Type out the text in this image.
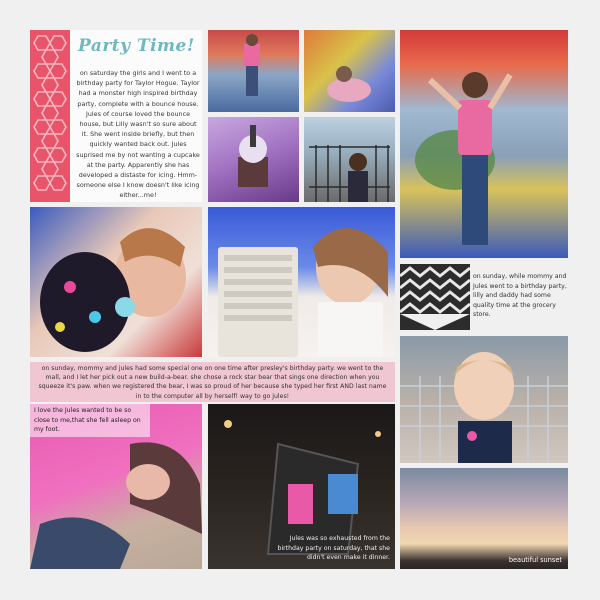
Party Time!
on saturday the girls and I went to a birthday party for Taylor Hogue. Taylor had a monster high inspired birthday party, complete with a bounce house. Jules of course loved the bounce house, but Lilly wasn't so sure about it. She went inside briefly, but then quickly wanted back out. Jules suprised me by not wanting a cupcake at the party. Apparently she has developed a distaste for icing. Hmm- someone else I know doesn't like icing either...me!
on sunday, while mommy and Jules went to a birthday party, lilly and daddy had some quality time at the grocery store.
on sunday, mommy and jules had some special one on one time after presley's birthday party. we went to the mall, and I let her pick out a new build-a-bear. she chose a rock star bear that sings one direction when you squeeze it's paw. when we registered the bear, I was so proud of her because she typed her first AND last name in to the computer all by herself! way to go jules!
I love the Jules wanted to be so close to me,that she fell asleep on my foot.
Jules was so exhausted from the birthday party on saturday, that she didn't even make it dinner.	beautiful sunset
